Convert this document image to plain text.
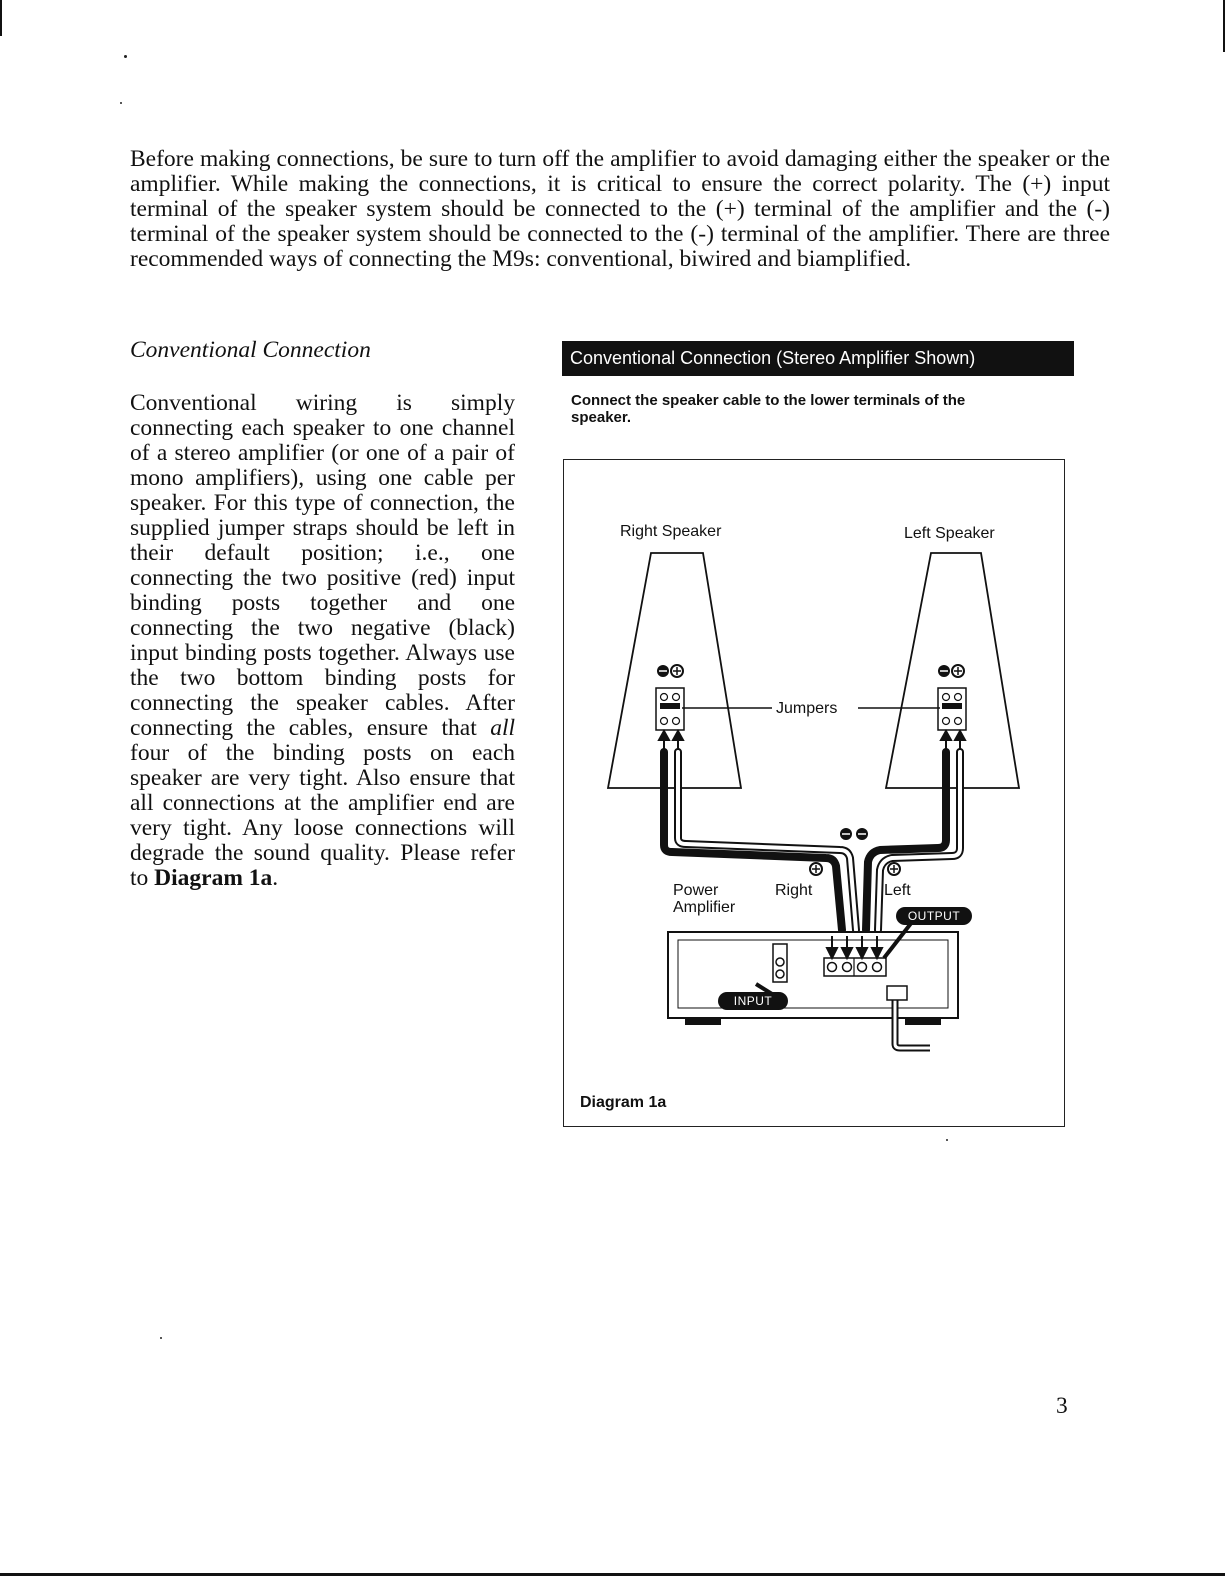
Before making connections, be sure to turn off the amplifier to avoid damaging either the speaker or the amplifier. While making the connections, it is critical to ensure the correct polarity. The (+) input terminal of the speaker system should be connected to the (+) terminal of the amplifier and the (-) terminal of the speaker system should be connected to the (-) terminal of the amplifier. There are three recommended ways of connecting the M9s: conventional, biwired and biamplified.

Conventional Connection

Conventional wiring is simply connecting each speaker to one channel of a stereo amplifier (or one of a pair of mono amplifiers), using one cable per speaker. For this type of connection, the supplied jumper straps should be left in their default position; i.e., one connecting the two positive (red) input binding posts together and one connecting the two negative (black) input binding posts together. Always use the two bottom binding posts for connecting the speaker cables. After connecting the cables, ensure that all four of the binding posts on each speaker are very tight. Also ensure that all connections at the amplifier end are very tight. Any loose connections will degrade the sound quality. Please refer to Diagram 1a.

Conventional Connection (Stereo Amplifier Shown)

Connect the speaker cable to the lower terminals of the speaker.

Right Speaker	Left Speaker
Jumpers
Power
Amplifier
Right	Left
OUTPUT
INPUT
Diagram 1a
3
